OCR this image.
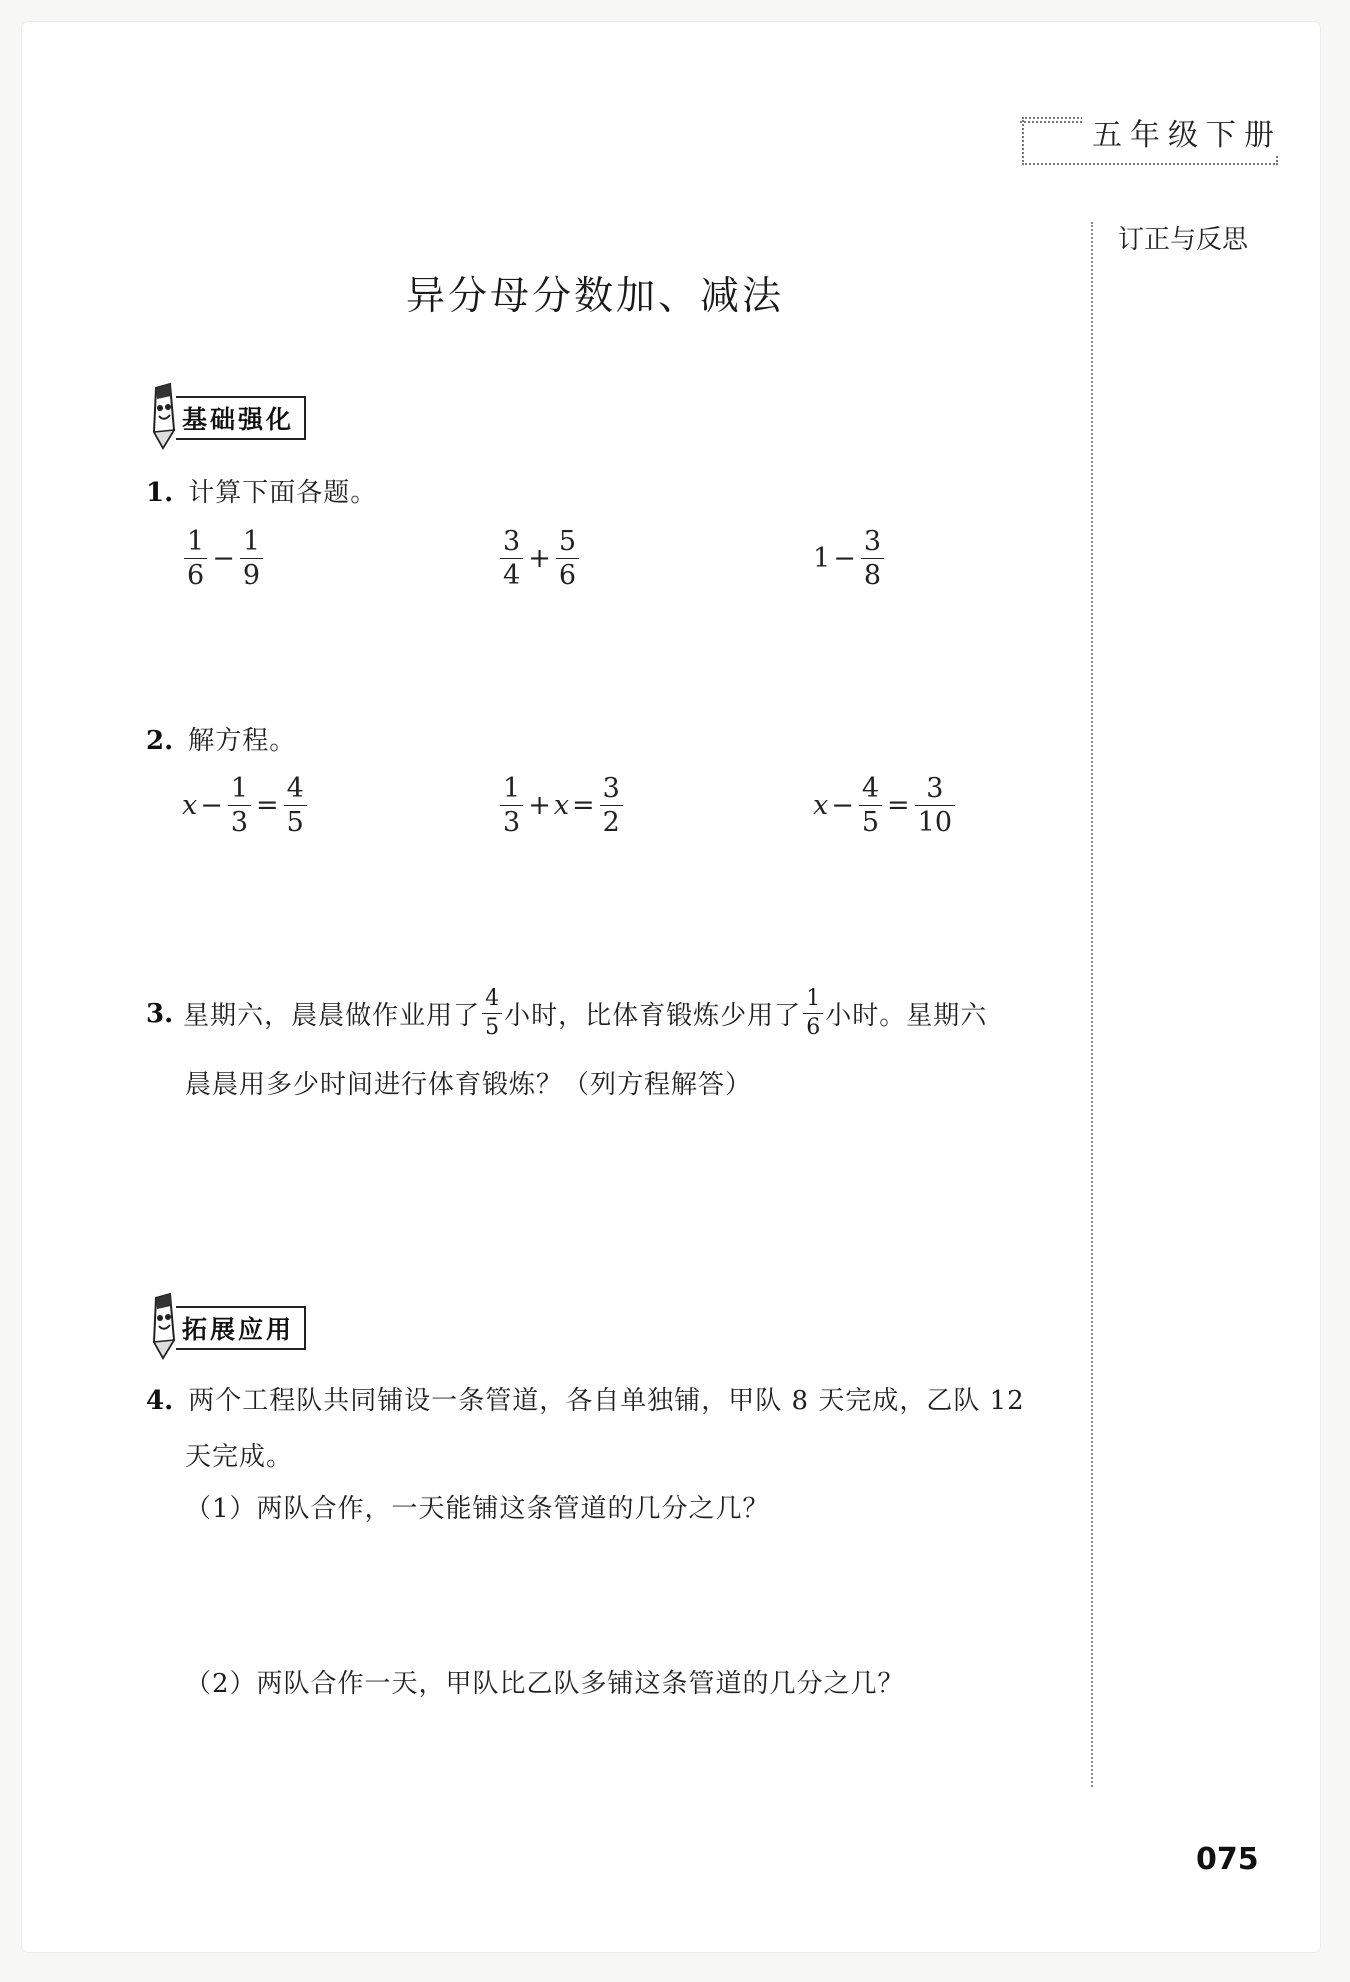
五年级下册
订正与反思
异分母分数加、减法
基础强化
1. 计算下面各题。
$\frac{1}{6} - \frac{1}{9}$	$\frac{3}{4} + \frac{5}{6}$	$1 - \frac{3}{8}$
2. 解方程。
$x - \frac{1}{3} = \frac{4}{5}$	$\frac{1}{3} + x = \frac{3}{2}$	$x - \frac{4}{5} = \frac{3}{10}$
3. 星期六，晨晨做作业用了 $\frac{4}{5}$ 小时，比体育锻炼少用了 $\frac{1}{6}$ 小时。星期六
晨晨用多少时间进行体育锻炼？（列方程解答）
拓展应用
4. 两个工程队共同铺设一条管道，各自单独铺，甲队 8 天完成，乙队 12
天完成。
（1）两队合作，一天能铺这条管道的几分之几？
（2）两队合作一天，甲队比乙队多铺这条管道的几分之几？
075
